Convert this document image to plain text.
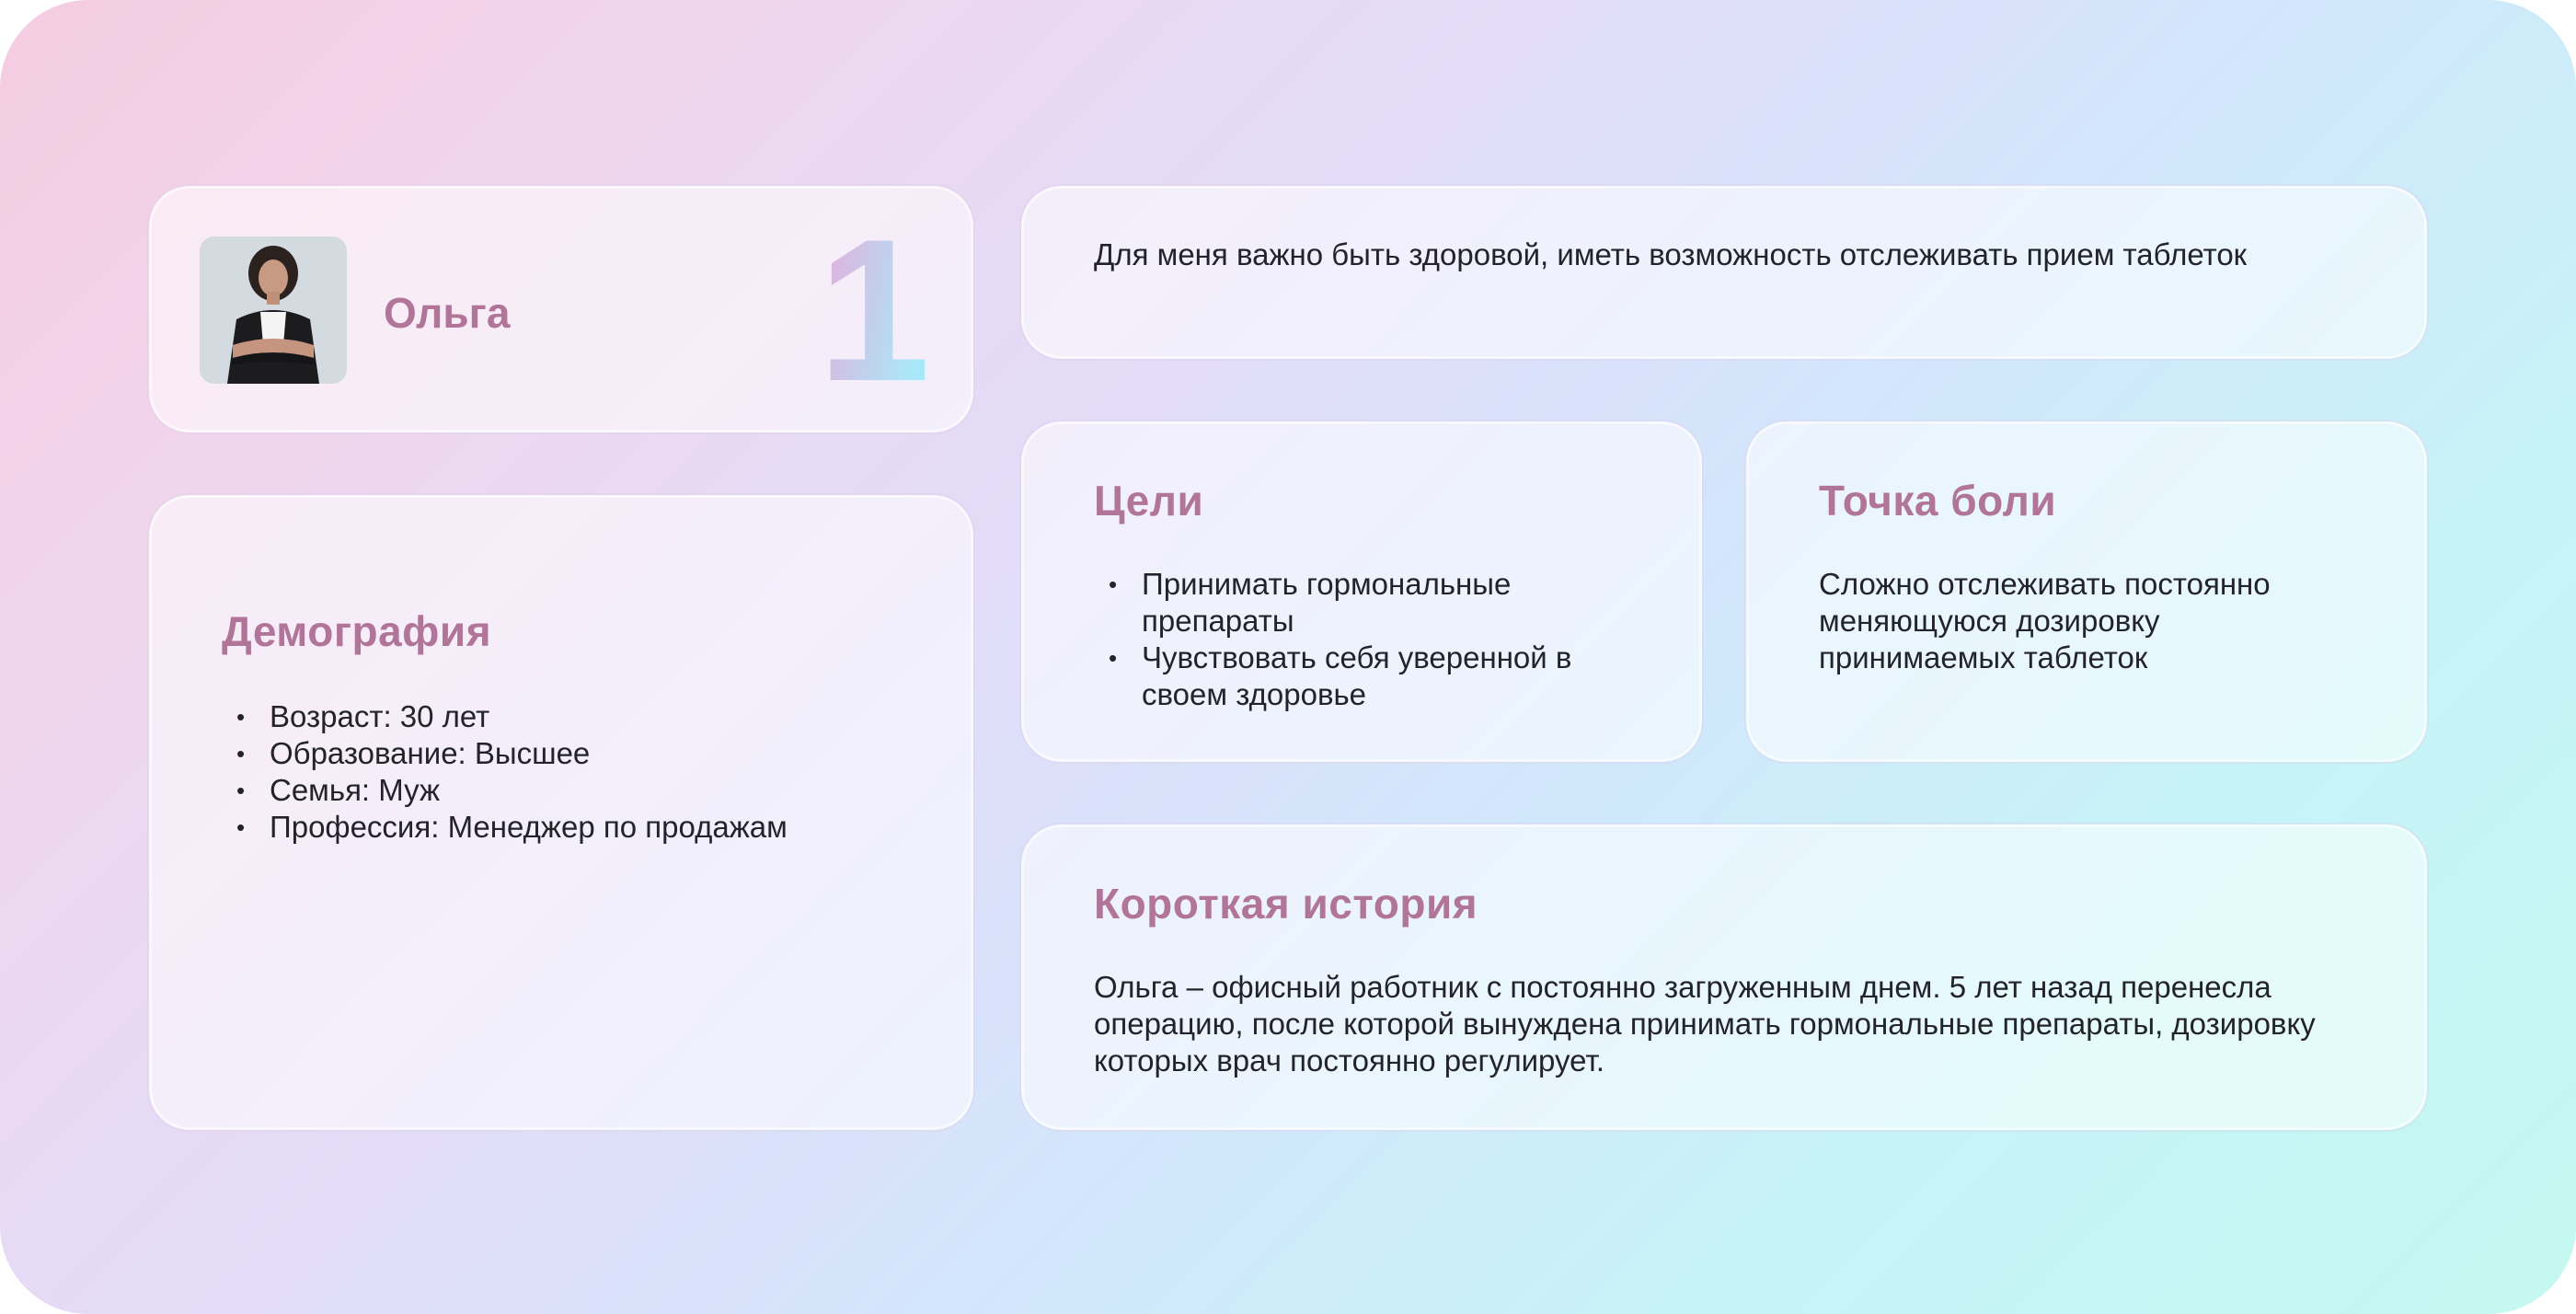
Ольга 1	Для меня важно быть здоровой, иметь возможность отслеживать прием таблеток
Демография
• Возраст: 30 лет
• Образование: Высшее
• Семья: Муж
• Профессия: Менеджер по продажам
Цели
• Принимать гормональные препараты
• Чувствовать себя уверенной в своем здоровье
Точка боли
Сложно отслеживать постоянно меняющуюся дозировку принимаемых таблеток
Короткая история
Ольга – офисный работник с постоянно загруженным днем. 5 лет назад перенесла операцию, после которой вынуждена принимать гормональные препараты, дозировку которых врач постоянно регулирует.
